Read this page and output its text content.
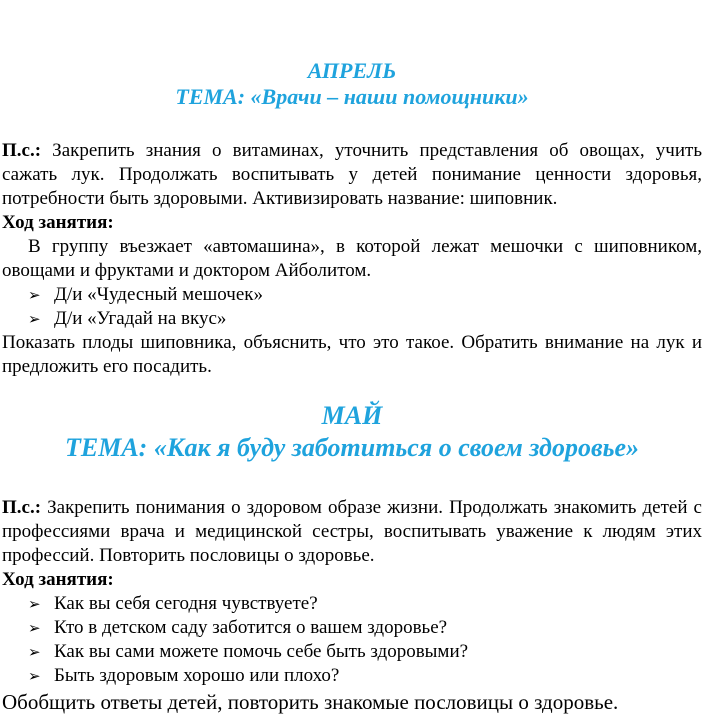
АПРЕЛЬ

ТЕМА: «Врачи – наши помощники»

П.с.: Закрепить знания о витаминах, уточнить представления об овощах, учить сажать лук. Продолжать воспитывать у детей понимание ценности здоровья, потребности быть здоровыми. Активизировать название: шиповник.

Ход занятия:

В группу въезжает «автомашина», в которой лежат мешочки с шиповником, овощами и фруктами и доктором Айболитом.

➢ Д/и «Чудесный мешочек»
➢ Д/и «Угадай на вкус»

Показать плоды шиповника, объяснить, что это такое. Обратить внимание на лук и предложить его посадить.

МАЙ

ТЕМА: «Как я буду заботиться о своем здоровье»

П.с.: Закрепить понимания о здоровом образе жизни. Продолжать знакомить детей с профессиями врача и медицинской сестры, воспитывать уважение к людям этих профессий. Повторить пословицы о здоровье.

Ход занятия:

➢ Как вы себя сегодня чувствуете?
➢ Кто в детском саду заботится о вашем здоровье?
➢ Как вы сами можете помочь себе быть здоровыми?
➢ Быть здоровым хорошо или плохо?

Обобщить ответы детей, повторить знакомые пословицы о здоровье.
